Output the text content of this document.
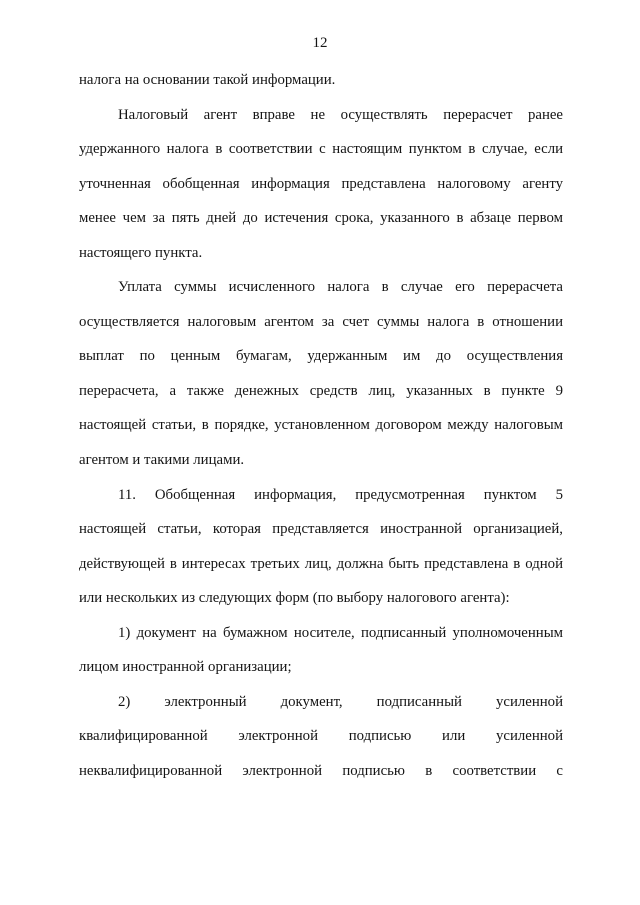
12
налога на основании такой информации.
Налоговый агент вправе не осуществлять перерасчет ранее
удержанного налога в соответствии с настоящим пунктом в случае, если
уточненная обобщенная информация представлена налоговому агенту
менее чем за пять дней до истечения срока, указанного в абзаце первом
настоящего пункта.
Уплата суммы исчисленного налога в случае его перерасчета
осуществляется налоговым агентом за счет суммы налога в отношении
выплат по ценным бумагам, удержанным им до осуществления
перерасчета, а также денежных средств лиц, указанных в пункте 9
настоящей статьи, в порядке, установленном договором между налоговым
агентом и такими лицами.
11. Обобщенная информация, предусмотренная пунктом 5
настоящей статьи, которая представляется иностранной организацией,
действующей в интересах третьих лиц, должна быть представлена в одной
или нескольких из следующих форм (по выбору налогового агента):
1) документ на бумажном носителе, подписанный уполномоченным
лицом иностранной организации;
2) электронный документ, подписанный усиленной
квалифицированной электронной подписью или усиленной
неквалифицированной электронной подписью в соответствии с
